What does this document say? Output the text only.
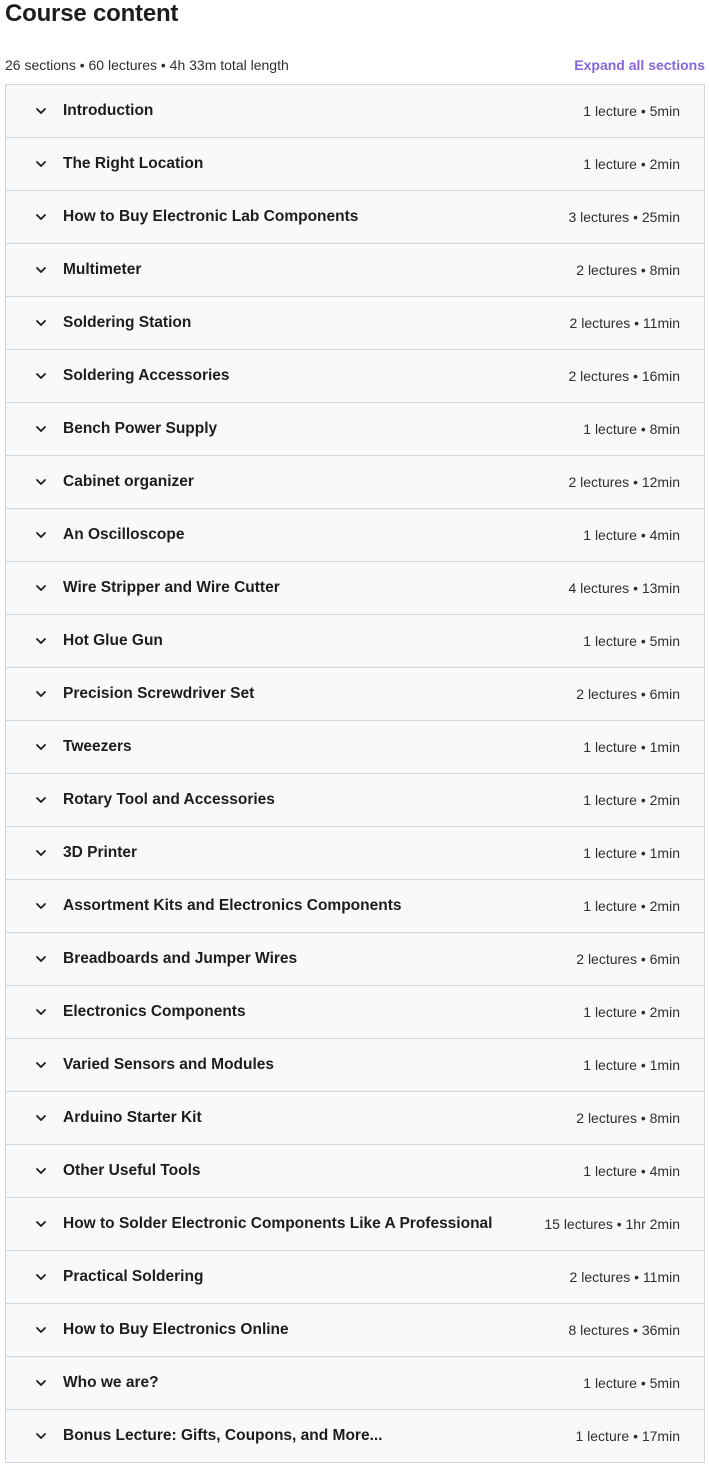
Course content
26 sections • 60 lectures • 4h 33m total length	Expand all sections
Introduction	1 lecture • 5min
The Right Location	1 lecture • 2min
How to Buy Electronic Lab Components	3 lectures • 25min
Multimeter	2 lectures • 8min
Soldering Station	2 lectures • 11min
Soldering Accessories	2 lectures • 16min
Bench Power Supply	1 lecture • 8min
Cabinet organizer	2 lectures • 12min
An Oscilloscope	1 lecture • 4min
Wire Stripper and Wire Cutter	4 lectures • 13min
Hot Glue Gun	1 lecture • 5min
Precision Screwdriver Set	2 lectures • 6min
Tweezers	1 lecture • 1min
Rotary Tool and Accessories	1 lecture • 2min
3D Printer	1 lecture • 1min
Assortment Kits and Electronics Components	1 lecture • 2min
Breadboards and Jumper Wires	2 lectures • 6min
Electronics Components	1 lecture • 2min
Varied Sensors and Modules	1 lecture • 1min
Arduino Starter Kit	2 lectures • 8min
Other Useful Tools	1 lecture • 4min
How to Solder Electronic Components Like A Professional	15 lectures • 1hr 2min
Practical Soldering	2 lectures • 11min
How to Buy Electronics Online	8 lectures • 36min
Who we are?	1 lecture • 5min
Bonus Lecture: Gifts, Coupons, and More...	1 lecture • 17min
